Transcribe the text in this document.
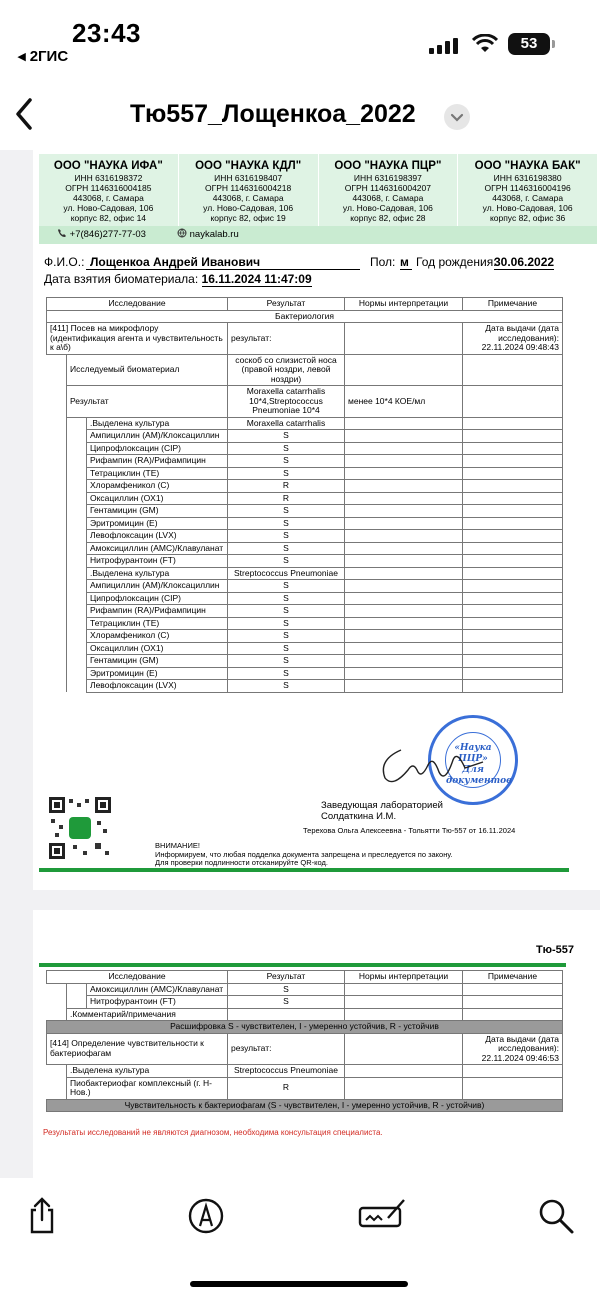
23:43
◂ 2ГИС
53
Тю557_Лощенкоа_2022
ООО "НАУКА ИФА"
ИНН 6316198372
ОГРН 1146316004185
443068, г. Самара
ул. Ново-Садовая, 106
корпус 82, офис 14
ООО "НАУКА КДЛ"
ИНН 6316198407
ОГРН 1146316004218
443068, г. Самара
ул. Ново-Садовая, 106
корпус 82, офис 19
ООО "НАУКА ПЦР"
ИНН 6316198397
ОГРН 1146316004207
443068, г. Самара
ул. Ново-Садовая, 106
корпус 82, офис 28
ООО "НАУКА БАК"
ИНН 6316198380
ОГРН 1146316004196
443068, г. Самара
ул. Ново-Садовая, 106
корпус 82, офис 36
+7(846)277-77-03	naykalab.ru
Ф.И.О.: Лощенкоа Андрей Иванович	Пол: м Год рождения:
30.06.2022
Дата взятия биоматериала: 16.11.2024 11:47:09
Исследование			Результат	Нормы интерпретации	Примечание
Бактериология					
[411] Посев на микрофлору (идентификация агента и чувствительность к а\б)			результат:		Дата выдачи (дата исследования): 22.11.2024 09:48:43
	Исследуемый биоматериал		соскоб со слизистой носа (правой ноздри, левой ноздри)		
	Результат		Moraxella catarrhalis 10*4,Streptococcus Pneumoniae 10*4	менее 10*4 КОЕ/мл	
		.Выделена культура	Moraxella catarrhalis		
		Ампициллин (AM)/Клоксациллин	S		
		Ципрофлоксацин (CIP)	S		
		Рифампин (RA)/Рифампицин	S		
		Тетрациклин (TE)	S		
		Хлорамфеникол (C)	R		
		Оксациллин (OX1)	R		
		Гентамицин (GM)	S		
		Эритромицин (E)	S		
		Левофлоксацин (LVX)	S		
		Амоксициллин (AMC)/Клавуланат	S		
		Нитрофурантоин (FT)	S		
		.Выделена культура	Streptococcus Pneumoniae		
		Ампициллин (AM)/Клоксациллин	S		
		Ципрофлоксацин (CIP)	S		
		Рифампин (RA)/Рифампицин	S		
		Тетрациклин (TE)	S		
		Хлорамфеникол (C)	S		
		Оксациллин (OX1)	S		
		Гентамицин (GM)	S		
		Эритромицин (E)	S		
		Левофлоксацин (LVX)	S		
«Наука ПЦР» Для документов
Заведующая лабораторией
Солдаткина И.М.
Терехова Ольга Алексеевна - Тольятти Тю-557 от 16.11.2024
ВНИМАНИЕ!
Информируем, что любая подделка документа запрещена и преследуется по закону.
Для проверки подлинности отсканируйте QR-код.
Тю-557
Исследование			Результат	Нормы интерпретации	Примечание
		Амоксициллин (AMC)/Клавуланат	S		
		Нитрофурантоин (FT)	S		
	.Комментарий/примечания				
Расшифровка S - чувствителен, I - умеренно устойчив, R - устойчив					
[414] Определение чувствительности к бактериофагам			результат:		Дата выдачи (дата исследования): 22.11.2024 09:46:53
	.Выделена культура		Streptococcus Pneumoniae		
	Пиобактериофаг комплексный (г. Н-Нов.)		R		
Чувствительность к бактериофагам (S - чувствителен, I - умеренно устойчив, R - устойчив)					
Результаты исследований не являются диагнозом, необходима консультация специалиста.
